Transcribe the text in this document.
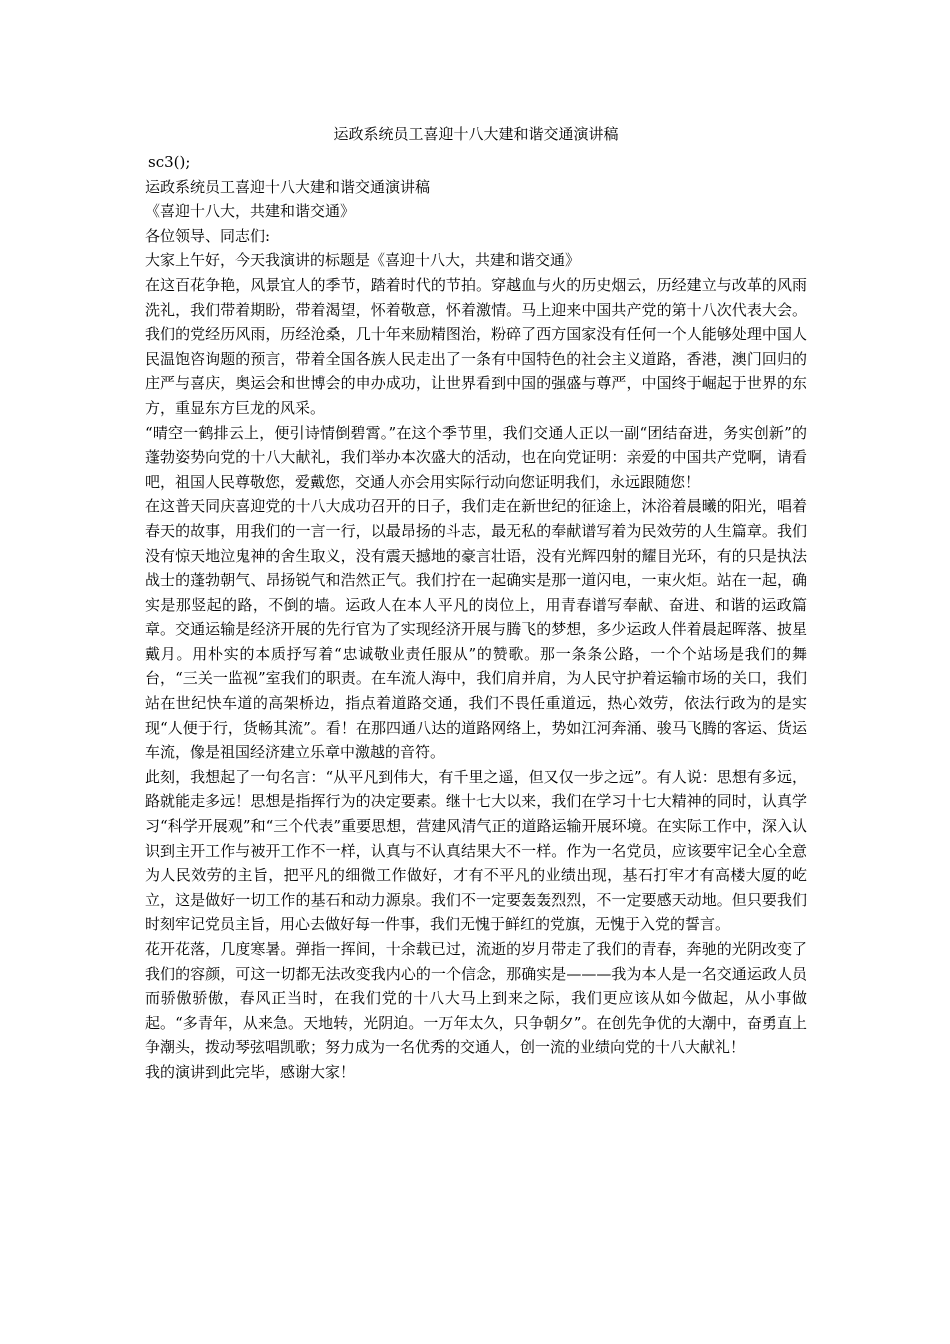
运政系统员工喜迎十八大建和谐交通演讲稿

sc3();

运政系统员工喜迎十八大建和谐交通演讲稿

《喜迎十八大，共建和谐交通》

各位领导、同志们:

大家上午好，今天我演讲的标题是《喜迎十八大，共建和谐交通》

在这百花争艳，风景宜人的季节，踏着时代的节拍。穿越血与火的历史烟云，历经建立与改革的风雨洗礼，我们带着期盼，带着渴望，怀着敬意，怀着激情。马上迎来中国共产党的第十八次代表大会。我们的党经历风雨，历经沧桑，几十年来励精图治，粉碎了西方国家没有任何一个人能够处理中国人民温饱咨询题的预言，带着全国各族人民走出了一条有中国特色的社会主义道路，香港，澳门回归的庄严与喜庆，奥运会和世博会的申办成功，让世界看到中国的强盛与尊严，中国终于崛起于世界的东方，重显东方巨龙的风采。

“晴空一鹤排云上，便引诗情倒碧霄。”在这个季节里，我们交通人正以一副“团结奋进，务实创新”的蓬勃姿势向党的十八大献礼，我们举办本次盛大的活动，也在向党证明：亲爱的中国共产党啊，请看吧，祖国人民尊敬您，爱戴您，交通人亦会用实际行动向您证明我们，永远跟随您！

在这普天同庆喜迎党的十八大成功召开的日子，我们走在新世纪的征途上，沐浴着晨曦的阳光，唱着春天的故事，用我们的一言一行，以最昂扬的斗志，最无私的奉献谱写着为民效劳的人生篇章。我们没有惊天地泣鬼神的舍生取义，没有震天撼地的豪言壮语，没有光辉四射的耀目光环，有的只是执法战士的蓬勃朝气、昂扬锐气和浩然正气。我们拧在一起确实是那一道闪电，一束火炬。站在一起，确实是那竖起的路，不倒的墙。运政人在本人平凡的岗位上，用青春谱写奉献、奋进、和谐的运政篇章。交通运输是经济开展的先行官为了实现经济开展与腾飞的梦想，多少运政人伴着晨起晖落、披星戴月。用朴实的本质抒写着“忠诚敬业责任服从”的赞歌。那一条条公路，一个个站场是我们的舞台，“三关一监视”室我们的职责。在车流人海中，我们肩并肩，为人民守护着运输市场的关口，我们站在世纪快车道的高架桥边，指点着道路交通，我们不畏任重道远，热心效劳，依法行政为的是实现“人便于行，货畅其流”。看！在那四通八达的道路网络上，势如江河奔涌、骏马飞腾的客运、货运车流，像是祖国经济建立乐章中激越的音符。

此刻，我想起了一句名言：“从平凡到伟大，有千里之遥，但又仅一步之远”。有人说：思想有多远，路就能走多远！思想是指挥行为的决定要素。继十七大以来，我们在学习十七大精神的同时，认真学习“科学开展观”和“三个代表”重要思想，营建风清气正的道路运输开展环境。在实际工作中，深入认识到主开工作与被开工作不一样，认真与不认真结果大不一样。作为一名党员，应该要牢记全心全意为人民效劳的主旨，把平凡的细微工作做好，才有不平凡的业绩出现，基石打牢才有高楼大厦的屹立，这是做好一切工作的基石和动力源泉。我们不一定要轰轰烈烈，不一定要感天动地。但只要我们时刻牢记党员主旨，用心去做好每一件事，我们无愧于鲜红的党旗，无愧于入党的誓言。

花开花落，几度寒暑。弹指一挥间，十余载已过，流逝的岁月带走了我们的青春，奔驰的光阴改变了我们的容颜，可这一切都无法改变我内心的一个信念，那确实是———我为本人是一名交通运政人员而骄傲骄傲，春风正当时，在我们党的十八大马上到来之际，我们更应该从如今做起，从小事做起。“多青年，从来急。天地转，光阴迫。一万年太久，只争朝夕”。在创先争优的大潮中，奋勇直上争潮头，拨动琴弦唱凯歌；努力成为一名优秀的交通人，创一流的业绩向党的十八大献礼！

我的演讲到此完毕，感谢大家！
